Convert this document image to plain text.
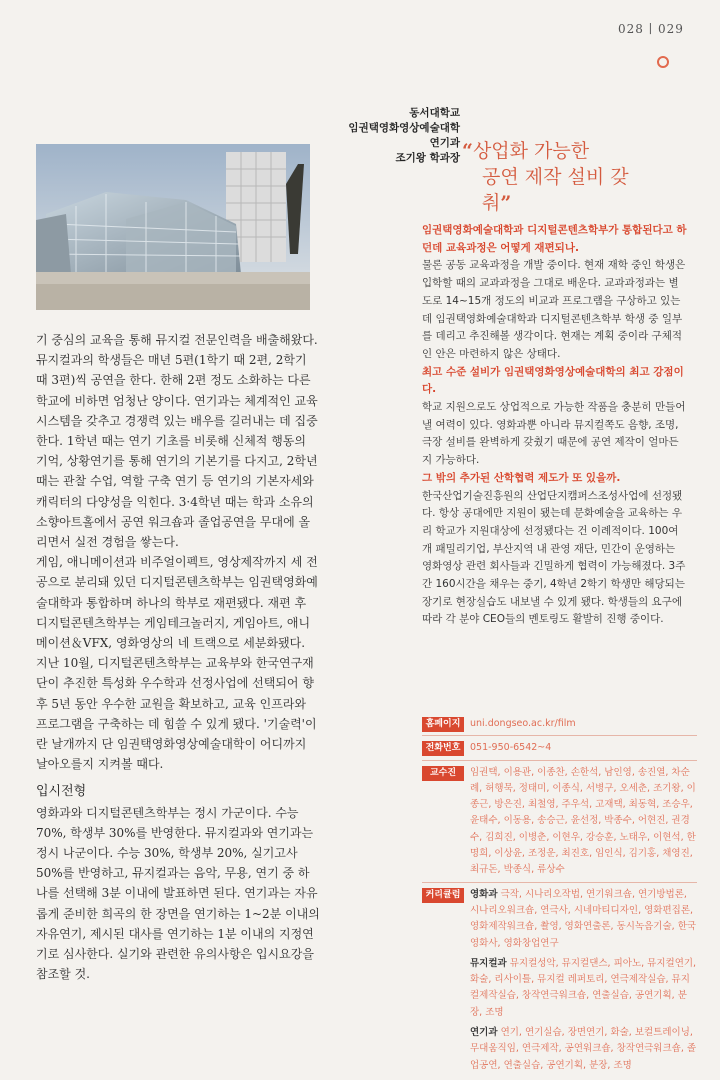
028 ∣ 029
동서대학교
임권택영화영상예술대학
연기과
조기왕 학과장 “상업화 가능한
공연 제작 설비 갖춰”

기 중심의 교육을 통해 뮤지컬 전문인력을 배출해왔다. 뮤지컬과의 학생들은 매년 5편(1학기 때 2편, 2학기 때 3편)씩 공연을 한다. 한해 2편 정도 소화하는 다른 학교에 비하면 엄청난 양이다. 연기과는 체계적인 교육 시스템을 갖추고 경쟁력 있는 배우를 길러내는 데 집중한다. 1학년 때는 연기 기초를 비롯해 신체적 행동의 기억, 상황연기를 통해 연기의 기본기를 다지고, 2학년 때는 관찰 수업, 역할 구축 연기 등 연기의 기본자세와 캐릭터의 다양성을 익힌다. 3·4학년 때는 학과 소유의 소향아트홀에서 공연 워크숍과 졸업공연을 무대에 올리면서 실전 경험을 쌓는다.

게임, 애니메이션과 비주얼이펙트, 영상제작까지 세 전공으로 분리돼 있던 디지털콘텐츠학부는 임권택영화예술대학과 통합하며 하나의 학부로 재편됐다. 재편 후 디지털콘텐츠학부는 게임테크놀러지, 게임아트, 애니메이션＆VFX, 영화영상의 네 트랙으로 세분화됐다. 지난 10월, 디지털콘텐츠학부는 교육부와 한국연구재단이 추진한 특성화 우수학과 선정사업에 선택되어 향후 5년 동안 우수한 교원을 확보하고, 교육 인프라와 프로그램을 구축하는 데 힘쓸 수 있게 됐다. '기술력'이란 날개까지 단 임권택영화영상예술대학이 어디까지 날아오를지 지켜볼 때다.

입시전형

영화과와 디지털콘텐츠학부는 정시 가군이다. 수능 70%, 학생부 30%를 반영한다. 뮤지컬과와 연기과는 정시 나군이다. 수능 30%, 학생부 20%, 실기고사 50%를 반영하고, 뮤지컬과는 음악, 무용, 연기 중 하나를 선택해 3분 이내에 발표하면 된다. 연기과는 자유롭게 준비한 희곡의 한 장면을 연기하는 1~2분 이내의 자유연기, 제시된 대사를 연기하는 1분 이내의 지정연기로 심사한다. 실기와 관련한 유의사항은 입시요강을 참조할 것.

임권택영화예술대학과 디지털콘텐츠학부가 통합된다고 하던데 교육과정은 어떻게 재편되나.

물론 공동 교육과정을 개발 중이다. 현재 재학 중인 학생은 입학할 때의 교과과정을 그대로 배운다. 교과과정과는 별도로 14~15개 정도의 비교과 프로그램을 구상하고 있는데 임권택영화예술대학과 디지털콘텐츠학부 학생 중 일부를 데리고 추진해볼 생각이다. 현재는 계획 중이라 구체적인 안은 마련하지 않은 상태다.

최고 수준 설비가 임권택영화영상예술대학의 최고 강점이다.

학교 지원으로도 상업적으로 가능한 작품을 충분히 만들어낼 여력이 있다. 영화과뿐 아니라 뮤지컬쪽도 음향, 조명, 극장 설비를 완벽하게 갖췄기 때문에 공연 제작이 얼마든지 가능하다.

그 밖의 추가된 산학협력 제도가 또 있을까.

한국산업기술진흥원의 산업단지캠퍼스조성사업에 선정됐다. 항상 공대에만 지원이 됐는데 문화예술을 교육하는 우리 학교가 지원대상에 선정됐다는 건 이례적이다. 100여개 패밀리기업, 부산지역 내 관영 재단, 민간이 운영하는 영화영상 관련 회사들과 긴밀하게 협력이 가능해졌다. 3주간 160시간을 채우는 중기, 4학년 2학기 학생만 해당되는 장기로 현장실습도 내보낼 수 있게 됐다. 학생들의 요구에 따라 각 분야 CEO들의 멘토링도 활발히 진행 중이다.

홈페이지	uni.dongseo.ac.kr/film
전화번호	051-950-6542~4
교수진	임권택, 이용관, 이종찬, 손한석, 남인영, 송진열, 차순례, 허행묵, 정태미, 이종식, 서병구, 오세춘, 조기왕, 이종근, 방은진, 최철영, 주우석, 고재택, 최동혁, 조승우, 윤태수, 이동용, 송승근, 윤선정, 박종수, 어현진, 권경수, 김희진, 이병춘, 이현우, 강승훈, 노태우, 이현석, 한명희, 이상윤, 조정운, 최진호, 임인식, 김기홍, 채영진, 최규돈, 박종식, 류상수
커리큘럼	영화과 극작, 시나리오작법, 연기워크숍, 연기방법론, 시나리오워크숍, 연극사, 시네마티디자인, 영화편집론, 영화제작워크숍, 촬영, 영화연출론, 동시녹음기술, 한국영화사, 영화창업연구
뮤지컬과 뮤지컬성악, 뮤지컬댄스, 피아노, 뮤지컬연기, 화술, 리사이틀, 뮤지컬 레퍼토리, 연극제작실습, 뮤지컬제작실습, 창작연극워크숍, 연출실습, 공연기획, 분장, 조명
연기과 연기, 연기실습, 장면연기, 화술, 보컬트레이닝, 무대움직임, 연극제작, 공연워크숍, 창작연극워크숍, 졸업공연, 연출실습, 공연기획, 분장, 조명
